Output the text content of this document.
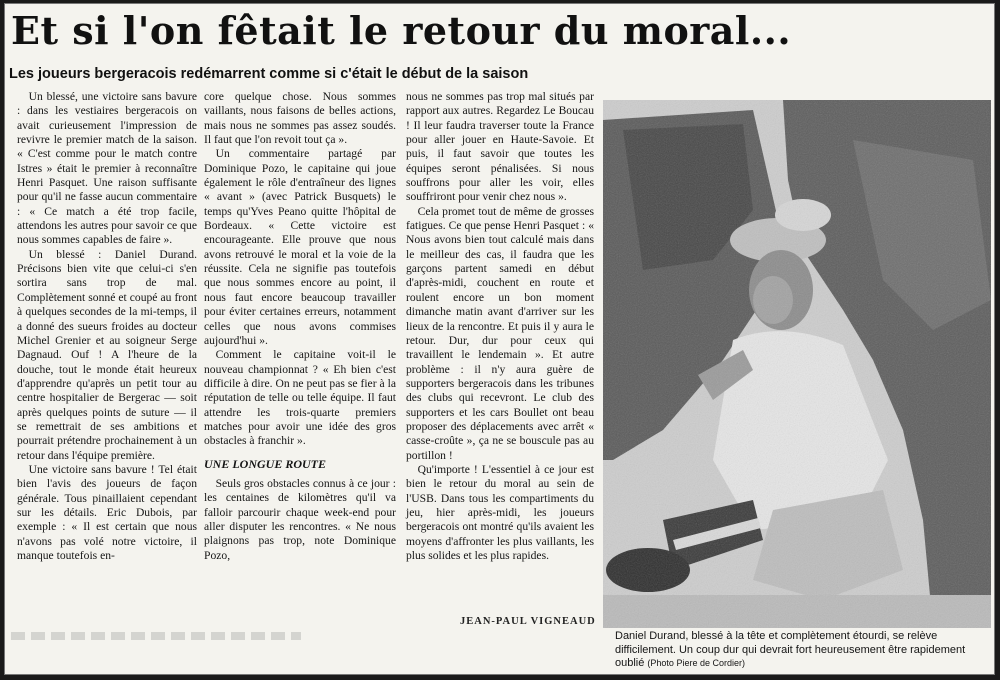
Et si l'on fêtait le retour du moral...
Les joueurs bergeracois redémarrent comme si c'était le début de la saison

Un blessé, une victoire sans bavure : dans les vestiaires bergeracois on avait curieusement l'impression de revivre le premier match de la saison. « C'est comme pour le match contre Istres » était le premier à reconnaître Henri Pasquet. Une raison suffisante pour qu'il ne fasse aucun commentaire : « Ce match a été trop facile, attendons les autres pour savoir ce que nous sommes capables de faire ».

Un blessé : Daniel Durand. Précisons bien vite que celui-ci s'en sortira sans trop de mal. Complètement sonné et coupé au front à quelques secondes de la mi-temps, il a donné des sueurs froides au docteur Michel Grenier et au soigneur Serge Dagnaud. Ouf ! A l'heure de la douche, tout le monde était heureux d'apprendre qu'après un petit tour au centre hospitalier de Bergerac — soit après quelques points de suture — il se remettrait de ses ambitions et pourrait prétendre prochainement à un retour dans l'équipe première.

Une victoire sans bavure ! Tel était bien l'avis des joueurs de façon générale. Tous pinaillaient cependant sur les détails. Eric Dubois, par exemple : « Il est certain que nous n'avons pas volé notre victoire, il manque toutefois en-

core quelque chose. Nous sommes vaillants, nous faisons de belles actions, mais nous ne sommes pas assez soudés. Il faut que l'on revoit tout ça ».

Un commentaire partagé par Dominique Pozo, le capitaine qui joue également le rôle d'entraîneur des lignes « avant » (avec Patrick Busquets) le temps qu'Yves Peano quitte l'hôpital de Bordeaux. « Cette victoire est encourageante. Elle prouve que nous avons retrouvé le moral et la voie de la réussite. Cela ne signifie pas toutefois que nous sommes encore au point, il nous faut encore beaucoup travailler pour éviter certaines erreurs, notamment celles que nous avons commises aujourd'hui ».

Comment le capitaine voit-il le nouveau championnat ? « Eh bien c'est difficile à dire. On ne peut pas se fier à la réputation de telle ou telle équipe. Il faut attendre les trois-quarte premiers matches pour avoir une idée des gros obstacles à franchir ».

UNE LONGUE ROUTE

Seuls gros obstacles connus à ce jour : les centaines de kilomètres qu'il va falloir parcourir chaque week-end pour aller disputer les rencontres. « Ne nous plaignons pas trop, note Dominique Pozo,

nous ne sommes pas trop mal situés par rapport aux autres. Regardez Le Boucau ! Il leur faudra traverser toute la France pour aller jouer en Haute-Savoie. Et puis, il faut savoir que toutes les équipes seront pénalisées. Si nous souffrons pour aller les voir, elles souffriront pour venir chez nous ».

Cela promet tout de même de grosses fatigues. Ce que pense Henri Pasquet : « Nous avons bien tout calculé mais dans le meilleur des cas, il faudra que les garçons partent samedi en début d'après-midi, couchent en route et roulent encore un bon moment dimanche matin avant d'arriver sur les lieux de la rencontre. Et puis il y aura le retour. Dur, dur pour ceux qui travaillent le lendemain ». Et autre problème : il n'y aura guère de supporters bergeracois dans les tribunes des clubs qui recevront. Le club des supporters et les cars Boullet ont beau proposer des déplacements avec arrêt « casse-croûte », ça ne se bouscule pas au portillon !

Qu'importe ! L'essentiel à ce jour est bien le retour du moral au sein de l'USB. Dans tous les compartiments du jeu, hier après-midi, les joueurs bergeracois ont montré qu'ils avaient les moyens d'affronter les plus vaillants, les plus solides et les plus rapides.

JEAN-PAUL VIGNEAUD
Daniel Durand, blessé à la tête et complètement étourdi, se relève difficilement. Un coup dur qui devrait fort heureusement être rapidement oublié (Photo Piere de Cordier)
